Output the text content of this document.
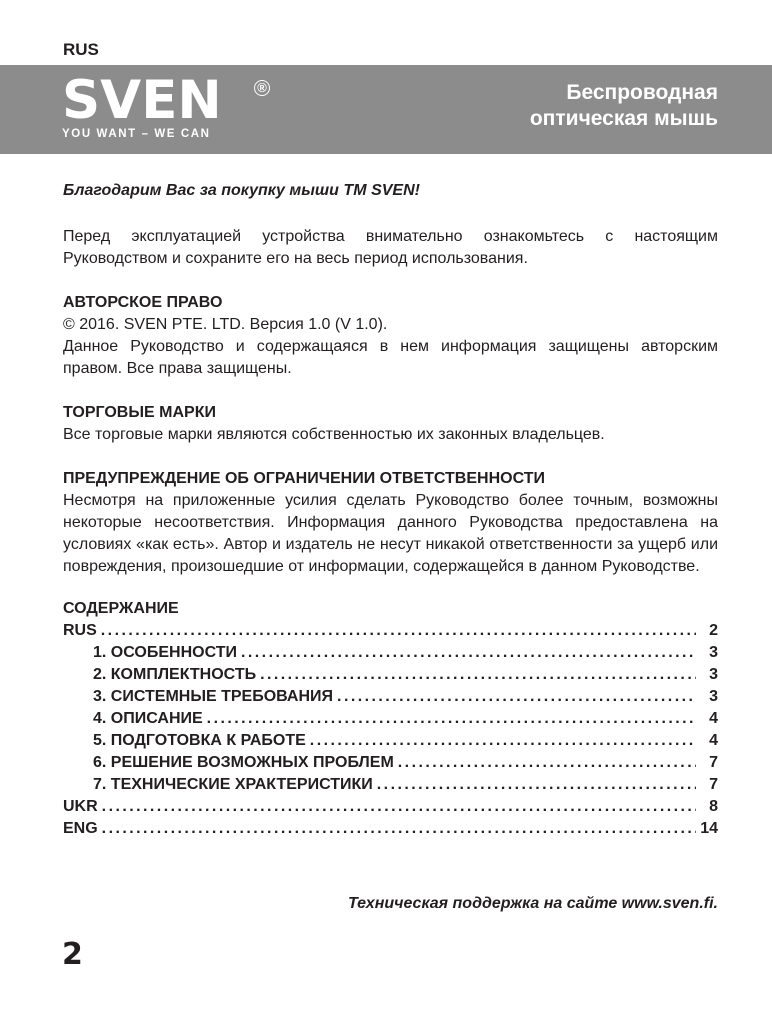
RUS
SVEN	®
YOU WANT – WE CAN
Беспроводная
оптическая мышь

Благодарим Вас за покупку мыши ТМ SVEN!

Перед эксплуатацией устройства внимательно ознакомьтесь с настоящим Руководством и сохраните его на весь период использования.

АВТОРСКОЕ ПРАВО

© 2016. SVEN PTE. LTD. Версия 1.0 (V 1.0).

Данное Руководство и содержащаяся в нем информация защищены авторским правом. Все права защищены.

ТОРГОВЫЕ МАРКИ

Все торговые марки являются собственностью их законных владельцев.

ПРЕДУПРЕЖДЕНИЕ ОБ ОГРАНИЧЕНИИ ОТВЕТСТВЕННОСТИ

Несмотря на приложенные усилия сделать Руководство более точным, возможны некоторые несоответствия. Информация данного Руководства предоставлена на условиях «как есть». Автор и издатель не несут никакой ответственности за ущерб или повреждения, произошедшие от информации, содержащейся в данном Руководстве.

СОДЕРЖАНИЕ
RUS . . .	2
1. ОСОБЕННОСТИ . . .	3
2. КОМПЛЕКТНОСТЬ . . .	3
3. СИСТЕМНЫЕ ТРЕБОВАНИЯ . . .	3
4. ОПИСАНИЕ . . .	4
5. ПОДГОТОВКА К РАБОТЕ . . .	4
6. РЕШЕНИЕ ВОЗМОЖНЫХ ПРОБЛЕМ . . .	7
7. ТЕХНИЧЕСКИЕ ХРАКТЕРИСТИКИ . . .	7
UKR . . .	8
ENG . . .	14
Техническая поддержка на сайте www.sven.fi.
2
